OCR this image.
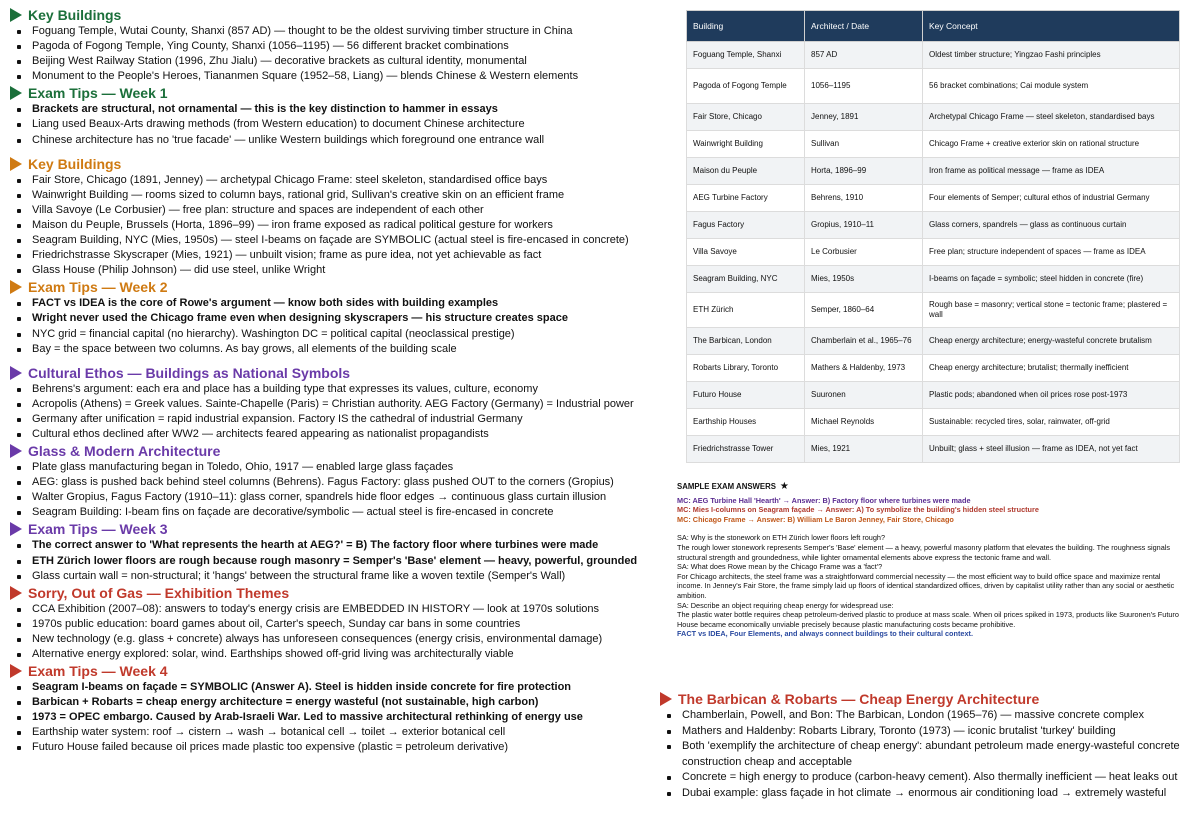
Key Buildings
Foguang Temple, Wutai County, Shanxi (857 AD) — thought to be the oldest surviving timber structure in China
Pagoda of Fogong Temple, Ying County, Shanxi (1056–1195) — 56 different bracket combinations
Beijing West Railway Station (1996, Zhu Jialu) — decorative brackets as cultural identity, monumental
Monument to the People's Heroes, Tiananmen Square (1952–58, Liang) — blends Chinese & Western elements
Exam Tips — Week 1
Brackets are structural, not ornamental — this is the key distinction to hammer in essays
Liang used Beaux-Arts drawing methods (from Western education) to document Chinese architecture
Chinese architecture has no 'true facade' — unlike Western buildings which foreground one entrance wall
Key Buildings
Fair Store, Chicago (1891, Jenney) — archetypal Chicago Frame: steel skeleton, standardised office bays
Wainwright Building — rooms sized to column bays, rational grid, Sullivan's creative skin on an efficient frame
Villa Savoye (Le Corbusier) — free plan: structure and spaces are independent of each other
Maison du Peuple, Brussels (Horta, 1896–99) — iron frame exposed as radical political gesture for workers
Seagram Building, NYC (Mies, 1950s) — steel I-beams on façade are SYMBOLIC (actual steel is fire-encased in concrete)
Friedrichstrasse Skyscraper (Mies, 1921) — unbuilt vision; frame as pure idea, not yet achievable as fact
Glass House (Philip Johnson) — did use steel, unlike Wright
Exam Tips — Week 2
FACT vs IDEA is the core of Rowe's argument — know both sides with building examples
Wright never used the Chicago frame even when designing skyscrapers — his structure creates space
NYC grid = financial capital (no hierarchy). Washington DC = political capital (neoclassical prestige)
Bay = the space between two columns. As bay grows, all elements of the building scale
Cultural Ethos — Buildings as National Symbols
Behrens's argument: each era and place has a building type that expresses its values, culture, economy
Acropolis (Athens) = Greek values. Sainte-Chapelle (Paris) = Christian authority. AEG Factory (Germany) = Industrial power
Germany after unification = rapid industrial expansion. Factory IS the cathedral of industrial Germany
Cultural ethos declined after WW2 — architects feared appearing as nationalist propagandists
Glass & Modern Architecture
Plate glass manufacturing began in Toledo, Ohio, 1917 — enabled large glass façades
AEG: glass is pushed back behind steel columns (Behrens). Fagus Factory: glass pushed OUT to the corners (Gropius)
Walter Gropius, Fagus Factory (1910–11): glass corner, spandrels hide floor edges → continuous glass curtain illusion
Seagram Building: I-beam fins on façade are decorative/symbolic — actual steel is fire-encased in concrete
Exam Tips — Week 3
The correct answer to 'What represents the hearth at AEG?' = B) The factory floor where turbines were made
ETH Zürich lower floors are rough because rough masonry = Semper's 'Base' element — heavy, powerful, grounded
Glass curtain wall = non-structural; it 'hangs' between the structural frame like a woven textile (Semper's Wall)
Sorry, Out of Gas — Exhibition Themes
CCA Exhibition (2007–08): answers to today's energy crisis are EMBEDDED IN HISTORY — look at 1970s solutions
1970s public education: board games about oil, Carter's speech, Sunday car bans in some countries
New technology (e.g. glass + concrete) always has unforeseen consequences (energy crisis, environmental damage)
Alternative energy explored: solar, wind. Earthships showed off-grid living was architecturally viable
Exam Tips — Week 4
Seagram I-beams on façade = SYMBOLIC (Answer A). Steel is hidden inside concrete for fire protection
Barbican + Robarts = cheap energy architecture = energy wasteful (not sustainable, high carbon)
1973 = OPEC embargo. Caused by Arab-Israeli War. Led to massive architectural rethinking of energy use
Earthship water system: roof → cistern → wash → botanical cell → toilet → exterior botanical cell
Futuro House failed because oil prices made plastic too expensive (plastic = petroleum derivative)
Building	Architect / Date	Key Concept
Foguang Temple, Shanxi	857 AD	Oldest timber structure; Yingzao Fashi principles
Pagoda of Fogong Temple	1056–1195	56 bracket combinations; Cai module system
Fair Store, Chicago	Jenney, 1891	Archetypal Chicago Frame — steel skeleton, standardised bays
Wainwright Building	Sullivan	Chicago Frame + creative exterior skin on rational structure
Maison du Peuple	Horta, 1896–99	Iron frame as political message — frame as IDEA
AEG Turbine Factory	Behrens, 1910	Four elements of Semper; cultural ethos of industrial Germany
Fagus Factory	Gropius, 1910–11	Glass corners, spandrels — glass as continuous curtain
Villa Savoye	Le Corbusier	Free plan; structure independent of spaces — frame as IDEA
Seagram Building, NYC	Mies, 1950s	I-beams on façade = symbolic; steel hidden in concrete (fire)
ETH Zürich	Semper, 1860–64	Rough base = masonry; vertical stone = tectonic frame; plastered = wall
The Barbican, London	Chamberlain et al., 1965–76	Cheap energy architecture; energy-wasteful concrete brutalism
Robarts Library, Toronto	Mathers & Haldenby, 1973	Cheap energy architecture; brutalist; thermally inefficient
Futuro House	Suuronen	Plastic pods; abandoned when oil prices rose post-1973
Earthship Houses	Michael Reynolds	Sustainable: recycled tires, solar, rainwater, off-grid
Friedrichstrasse Tower	Mies, 1921	Unbuilt; glass + steel illusion — frame as IDEA, not yet fact
SAMPLE EXAM ANSWERS ★
MC: AEG Turbine Hall 'Hearth' → Answer: B) Factory floor where turbines were made
MC: Mies I-columns on Seagram façade → Answer: A) To symbolize the building's hidden steel structure
MC: Chicago Frame → Answer: B) William Le Baron Jenney, Fair Store, Chicago
SA: Why is the stonework on ETH Zürich lower floors left rough?
The rough lower stonework represents Semper's 'Base' element — a heavy, powerful masonry platform that elevates the building. The roughness signals structural strength and groundedness, while lighter ornamental elements above express the tectonic frame and wall.
SA: What does Rowe mean by the Chicago Frame was a 'fact'?
For Chicago architects, the steel frame was a straightforward commercial necessity — the most efficient way to build office space and maximize rental income. In Jenney's Fair Store, the frame simply laid up floors of identical standardized offices, driven by capitalist utility rather than any social or aesthetic ambition.
SA: Describe an object requiring cheap energy for widespread use:
The plastic water bottle requires cheap petroleum-derived plastic to produce at mass scale. When oil prices spiked in 1973, products like Suuronen's Futuro House became economically unviable precisely because plastic manufacturing costs became prohibitive.
FACT vs IDEA, Four Elements, and always connect buildings to their cultural context.
The Barbican & Robarts — Cheap Energy Architecture
Chamberlain, Powell, and Bon: The Barbican, London (1965–76) — massive concrete complex
Mathers and Haldenby: Robarts Library, Toronto (1973) — iconic brutalist 'turkey' building
Both 'exemplify the architecture of cheap energy': abundant petroleum made energy-wasteful concrete construction cheap and acceptable
Concrete = high energy to produce (carbon-heavy cement). Also thermally inefficient — heat leaks out
Dubai example: glass façade in hot climate → enormous air conditioning load → extremely wasteful
